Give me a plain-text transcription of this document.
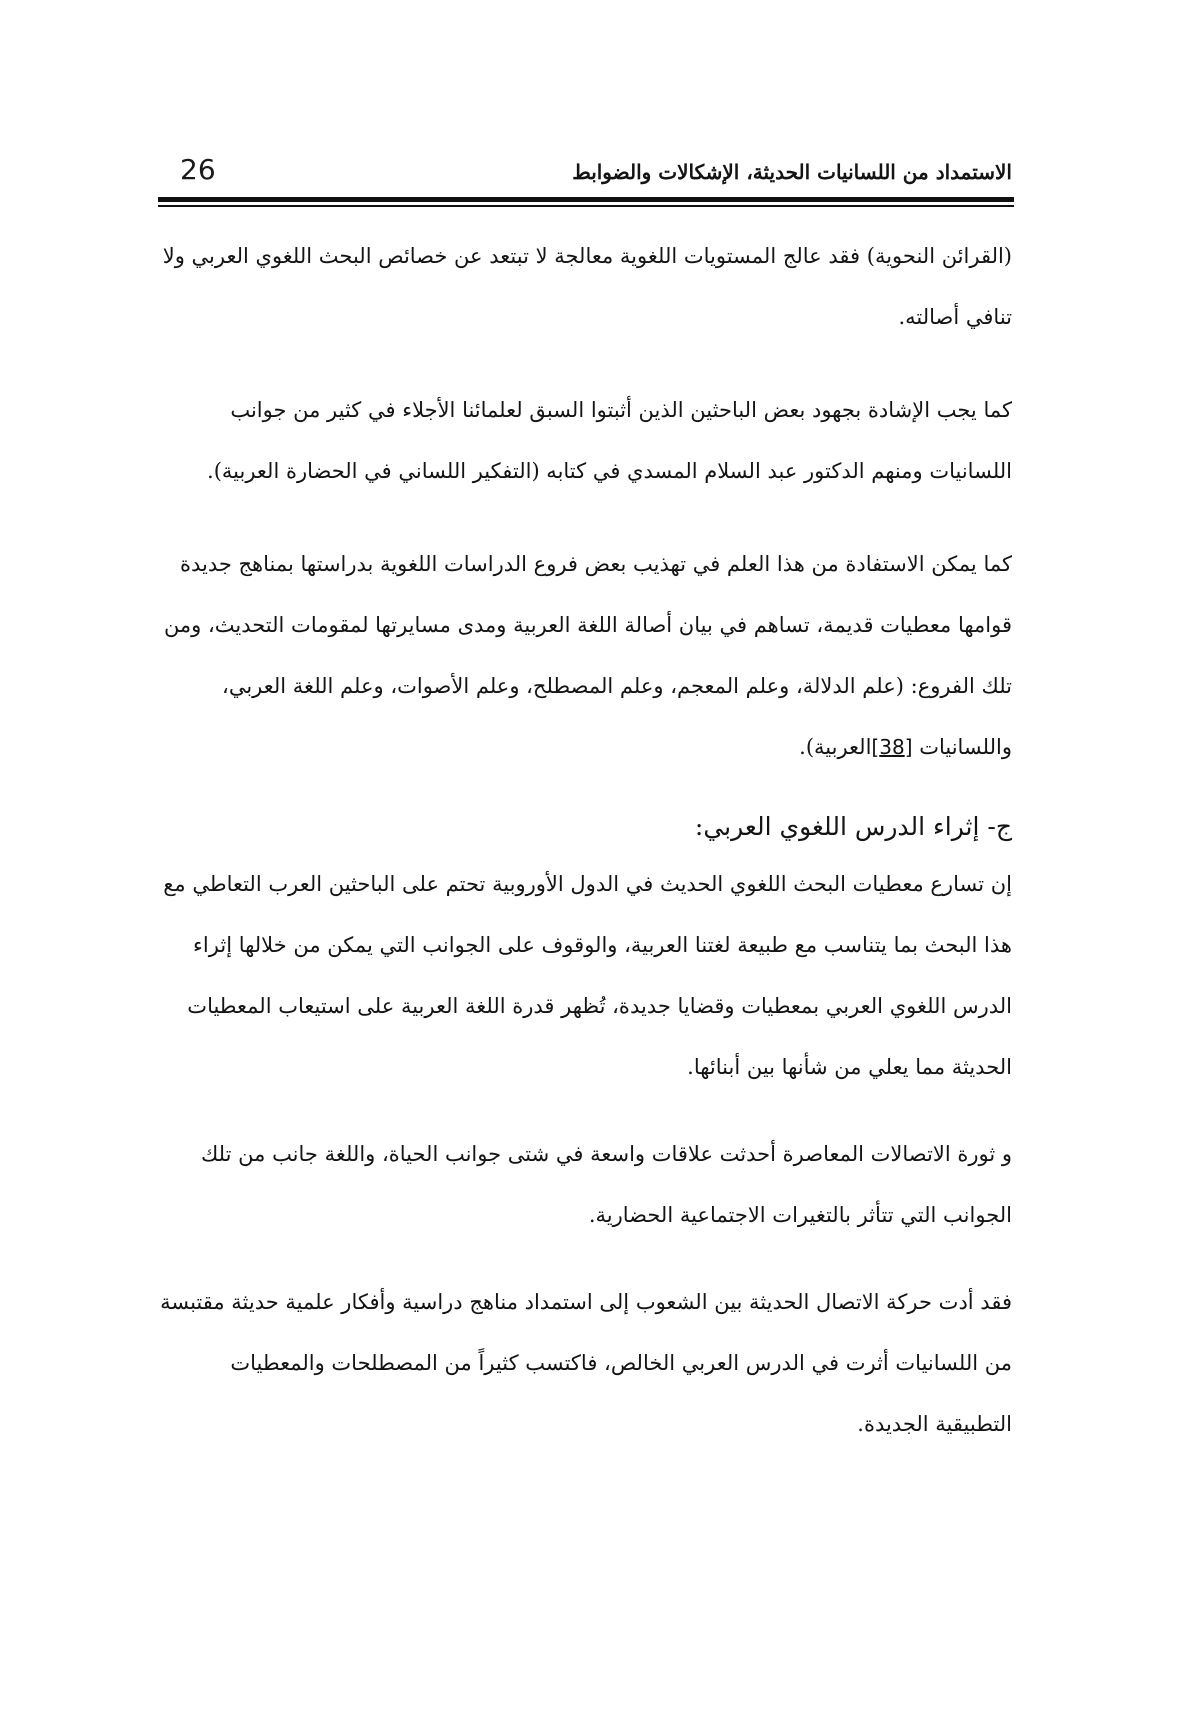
26	الاستمداد من اللسانيات الحديثة، الإشكالات والضوابط

(القرائن النحوية) فقد عالج المستويات اللغوية معالجة لا تبتعد عن خصائص البحث اللغوي العربي ولا تنافي أصالته.

كما يجب الإشادة بجهود بعض الباحثين الذين أثبتوا السبق لعلمائنا الأجلاء في كثير من جوانب اللسانيات ومنهم الدكتور عبد السلام المسدي في كتابه (التفكير اللساني في الحضارة العربية).

كما يمكن الاستفادة من هذا العلم في تهذيب بعض فروع الدراسات اللغوية بدراستها بمناهج جديدة قوامها معطيات قديمة، تساهم في بيان أصالة اللغة العربية ومدى مسايرتها لمقومات التحديث، ومن تلك الفروع: (علم الدلالة، وعلم المعجم، وعلم المصطلح، وعلم الأصوات، وعلم اللغة العربي، واللسانيات [38]العربية).

ج- إثراء الدرس اللغوي العربي:

إن تسارع معطيات البحث اللغوي الحديث في الدول الأوروبية تحتم على الباحثين العرب التعاطي مع هذا البحث بما يتناسب مع طبيعة لغتنا العربية، والوقوف على الجوانب التي يمكن من خلالها إثراء الدرس اللغوي العربي بمعطيات وقضايا جديدة، تُظهر قدرة اللغة العربية على استيعاب المعطيات الحديثة مما يعلي من شأنها بين أبنائها.

و ثورة الاتصالات المعاصرة أحدثت علاقات واسعة في شتى جوانب الحياة، واللغة جانب من تلك الجوانب التي تتأثر بالتغيرات الاجتماعية الحضارية.

فقد أدت حركة الاتصال الحديثة بين الشعوب إلى استمداد مناهج دراسية وأفكار علمية حديثة مقتبسة من اللسانيات أثرت في الدرس العربي الخالص، فاكتسب كثيراً من المصطلحات والمعطيات التطبيقية الجديدة.
